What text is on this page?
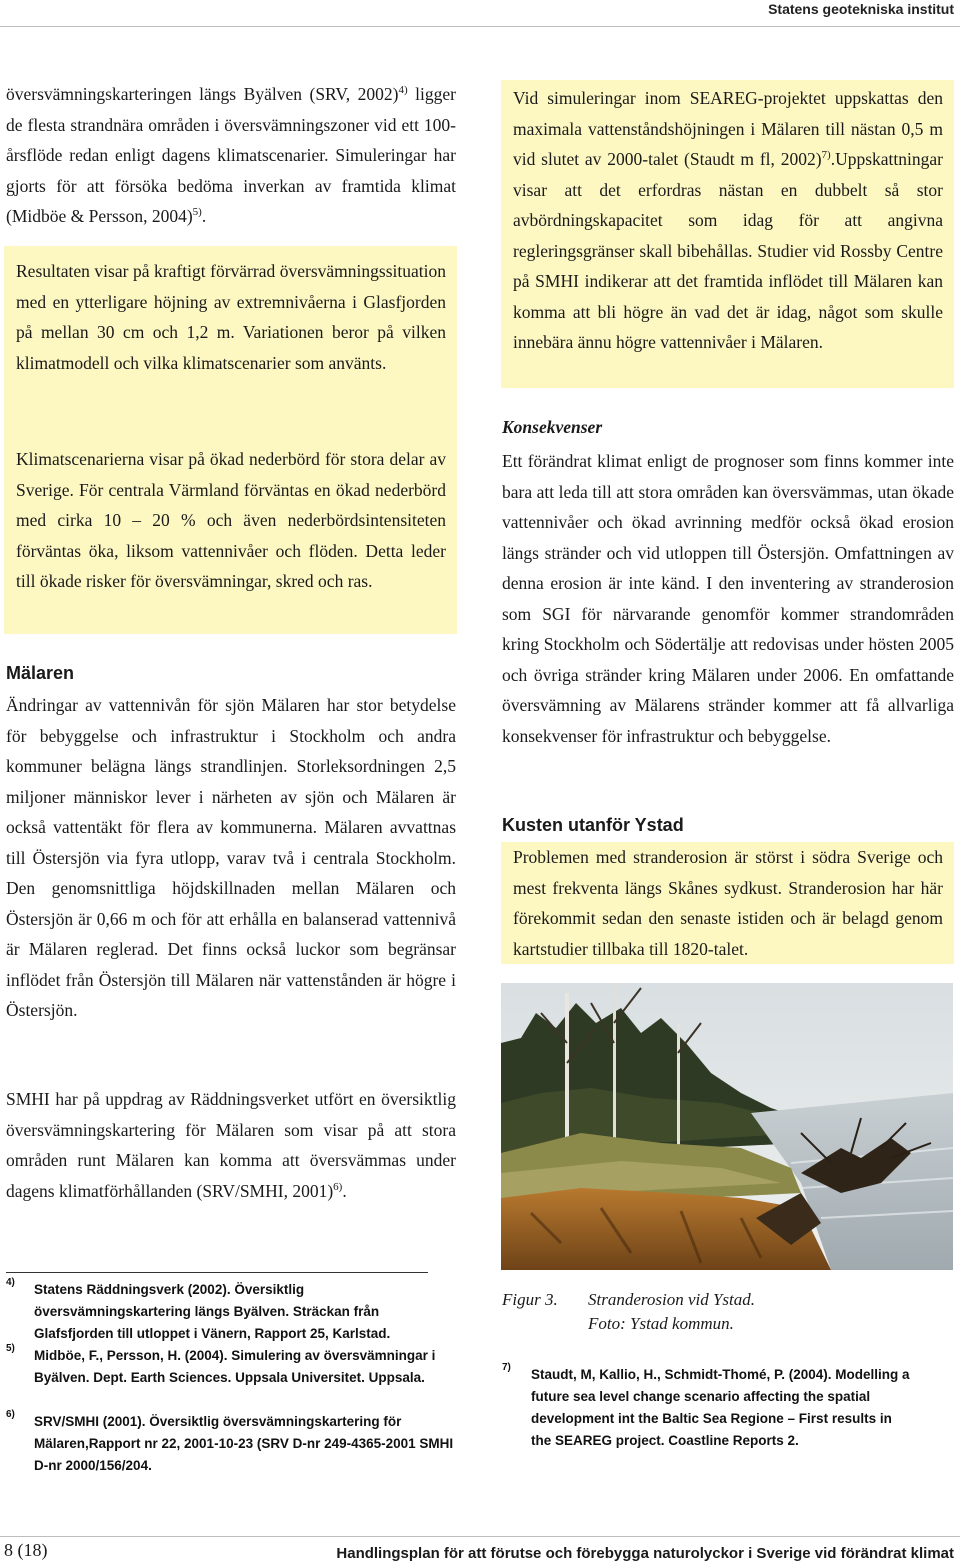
Statens geotekniska institut

översvämningskarteringen längs Byälven (SRV, 2002)$^{4)}$ ligger de flesta strandnära områden i översvämningszoner vid ett 100-årsflöde redan enligt dagens klimatscenarier. Simuleringar har gjorts för att försöka bedöma inverkan av framtida klimat (Midböe & Persson, 2004)$^{5)}$.

Resultaten visar på kraftigt förvärrad översvämningssituation med en ytterligare höjning av extremnivåerna i Glasfjorden på mellan 30 cm och 1,2 m. Variationen beror på vilken klimatmodell och vilka klimatscenarier som använts.

Klimatscenarierna visar på ökad nederbörd för stora delar av Sverige. För centrala Värmland förväntas en ökad nederbörd med cirka 10 – 20 % och även nederbördsintensiteten förväntas öka, liksom vattennivåer och flöden. Detta leder till ökade risker för översvämningar, skred och ras.

Mälaren

Ändringar av vattennivån för sjön Mälaren har stor betydelse för bebyggelse och infrastruktur i Stockholm och andra kommuner belägna längs strandlinjen. Storleksordningen 2,5 miljoner människor lever i närheten av sjön och Mälaren är också vattentäkt för flera av kommunerna. Mälaren avvattnas till Östersjön via fyra utlopp, varav två i centrala Stockholm. Den genomsnittliga höjdskillnaden mellan Mälaren och Östersjön är 0,66 m och för att erhålla en balanserad vattennivå är Mälaren reglerad. Det finns också luckor som begränsar inflödet från Östersjön till Mälaren när vattenstånden är högre i Östersjön.

SMHI har på uppdrag av Räddningsverket utfört en översiktlig översvämningskartering för Mälaren som visar på att stora områden runt Mälaren kan komma att översvämmas under dagens klimatförhållanden (SRV/SMHI, 2001)$^{6)}$.

Vid simuleringar inom SEAREG-projektet uppskattas den maximala vattenståndshöjningen i Mälaren till nästan 0,5 m vid slutet av 2000-talet (Staudt m fl, 2002)$^{7)}$.Uppskattningar visar att det erfordras nästan en dubbelt så stor avbördningskapacitet som idag för att angivna regleringsgränser skall bibehållas. Studier vid Rossby Centre på SMHI indikerar att det framtida inflödet till Mälaren kan komma att bli högre än vad det är idag, något som skulle innebära ännu högre vattennivåer i Mälaren.

Konsekvenser

Ett förändrat klimat enligt de prognoser som finns kommer inte bara att leda till att stora områden kan översvämmas, utan ökade vattennivåer och ökad avrinning medför också ökad erosion längs stränder och vid utloppen till Östersjön. Omfattningen av denna erosion är inte känd. I den inventering av stranderosion som SGI för närvarande genomför kommer strandområden kring Stockholm och Södertälje att redovisas under hösten 2005 och övriga stränder kring Mälaren under 2006. En omfattande översvämning av Mälarens stränder kommer att få allvarliga konsekvenser för infrastruktur och bebyggelse.

Kusten utanför Ystad

Problemen med stranderosion är störst i södra Sverige och mest frekventa längs Skånes sydkust. Stranderosion har här förekommit sedan den senaste istiden och är belagd genom kartstudier tillbaka till 1820-talet.

Figur 3. Stranderosion vid Ystad.

Foto: Ystad kommun.

4) Statens Räddningsverk (2002). Översiktlig översvämningskartering längs Byälven. Sträckan från Glafsfjorden till utloppet i Vänern, Rapport 25, Karlstad.

5) Midböe, F., Persson, H. (2004). Simulering av översvämningar i Byälven. Dept. Earth Sciences. Uppsala Universitet. Uppsala.

6) SRV/SMHI (2001). Översiktlig översvämningskartering för Mälaren,Rapport nr 22, 2001-10-23 (SRV D-nr 249-4365-2001 SMHI D-nr 2000/156/204.

7) Staudt, M, Kallio, H., Schmidt-Thomé, P. (2004). Modelling a future sea level change scenario affecting the spatial development int the Baltic Sea Regione – First results in the SEAREG project. Coastline Reports 2.

8 (18)	Handlingsplan för att förutse och förebygga naturolyckor i Sverige vid förändrat klimat
